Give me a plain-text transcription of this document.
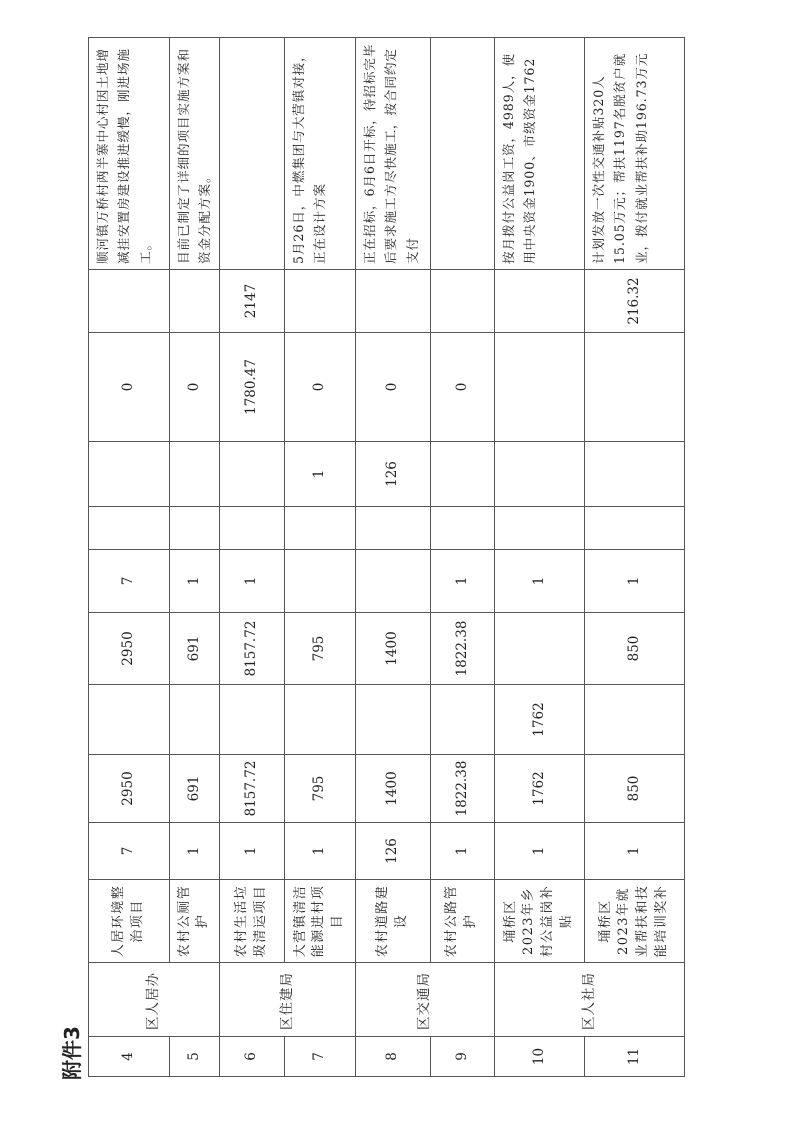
附件3	4	区人居办	人居环境整治项目	7	2950		2950	7			0		顺河镇万桥村两半寨中心村因土地增减挂安置房建设推进缓慢，刚进场施工。
5		农村公厕管护	1	691		691	1			0		目前已制定了详细的项目实施方案和资金分配方案。
6	区住建局	农村生活垃圾清运项目	1	8157.72		8157.72	1			1780.47	2147	
7		大营镇清洁能源进村项目	1	795		795			1	0		5月26日，中燃集团与大营镇对接，正在设计方案
8	区交通局	农村道路建设	126	1400		1400			126	0		正在招标，6月6日开标，待招标完毕后要求施工方尽快施工，按合同约定支付
9		农村公路管护	1	1822.38		1822.38	1			0		
10	区人社局	埇桥区2023年乡村公益岗补贴	1	1762	1762		1					按月拨付公益岗工资，4989人，使用中央资金1900、市级资金1762
11		埇桥区2023年就业帮扶和技能培训奖补	1	850		850	1				216.32	计划发放一次性交通补贴320人15.05万元；帮扶1197名脱贫户就业，拨付就业帮扶补助196.73万元
